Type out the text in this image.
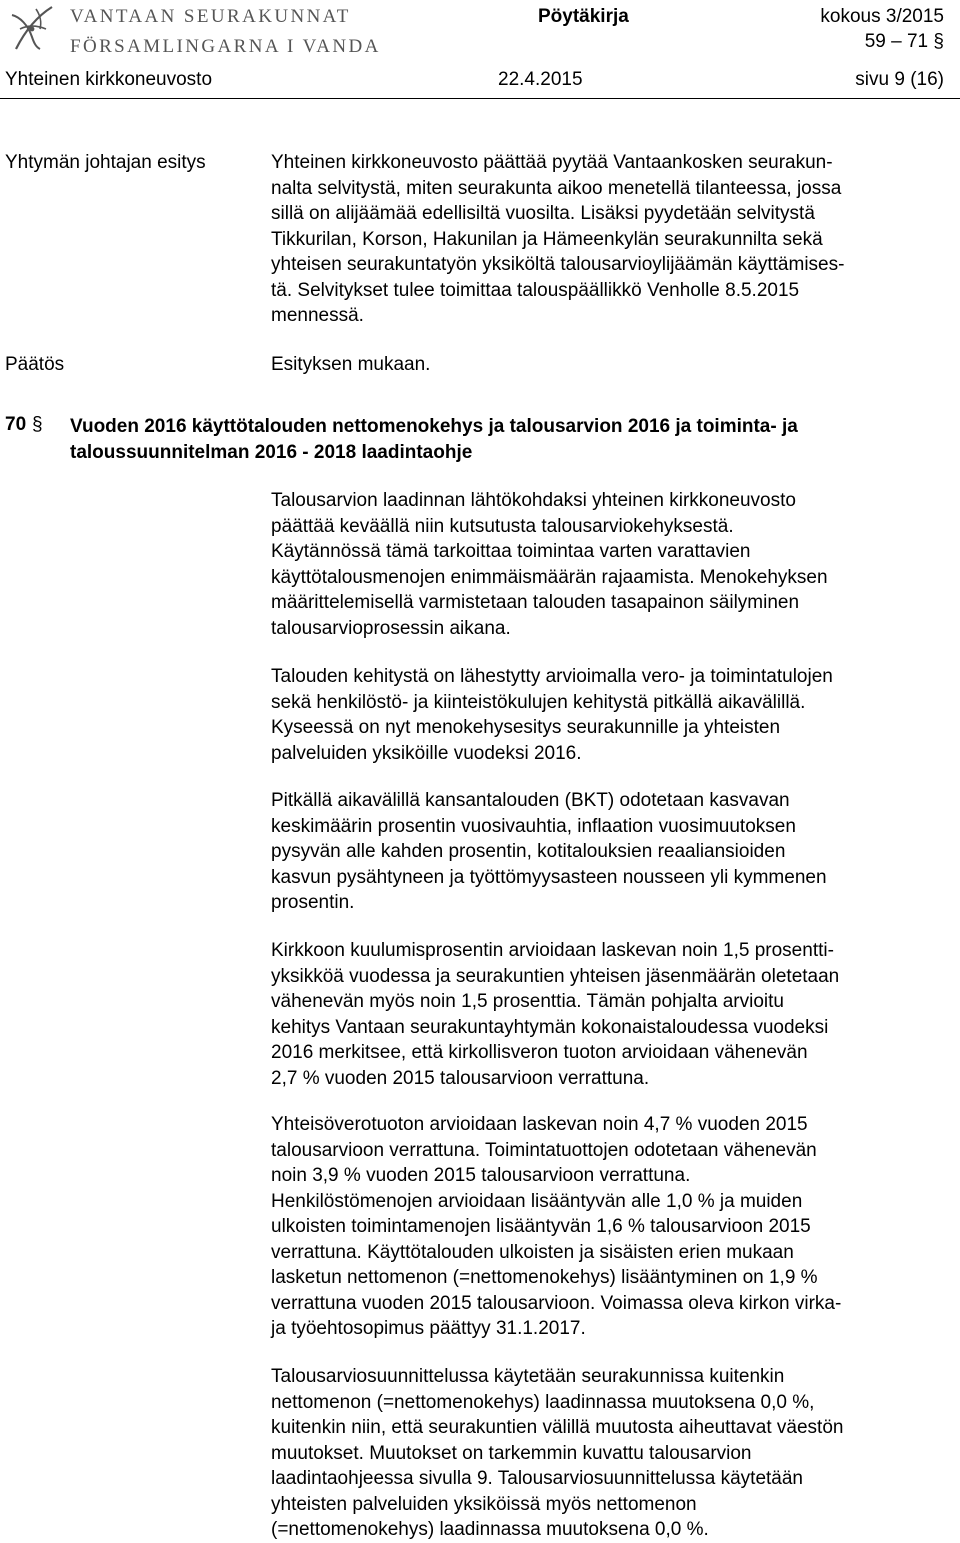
VANTAAN SEURAKUNNAT
FÖRSAMLINGARNA I VANDA
Pöytäkirja	kokous 3/2015
59 – 71 §
Yhteinen kirkkoneuvosto	22.4.2015	sivu 9 (16)
Yhtymän johtajan esitys	Yhteinen kirkkoneuvosto päättää pyytää Vantaankosken seurakun-
nalta selvitystä, miten seurakunta aikoo menetellä tilanteessa, jossa
sillä on alijäämää edellisiltä vuosilta. Lisäksi pyydetään selvitystä
Tikkurilan, Korson, Hakunilan ja Hämeenkylän seurakunnilta sekä
yhteisen seurakuntatyön yksiköltä talousarvioylijäämän käyttämises-
tä. Selvitykset tulee toimittaa talouspäällikkö Venholle 8.5.2015
mennessä.

Päätös	Esityksen mukaan.

70 § Vuoden 2016 käyttötalouden nettomenokehys ja talousarvion 2016 ja toiminta- ja
taloussuunnitelman 2016 - 2018 laadintaohje

Talousarvion laadinnan lähtökohdaksi yhteinen kirkkoneuvosto
päättää keväällä niin kutsutusta talousarviokehyksestä.
Käytännössä tämä tarkoittaa toimintaa varten varattavien
käyttötalousmenojen enimmäismäärän rajaamista. Menokehyksen
määrittelemisellä varmistetaan talouden tasapainon säilyminen
talousarvioprosessin aikana.

Talouden kehitystä on lähestytty arvioimalla vero- ja toimintatulojen
sekä henkilöstö- ja kiinteistökulujen kehitystä pitkällä aikavälillä.
Kyseessä on nyt menokehysesitys seurakunnille ja yhteisten
palveluiden yksiköille vuodeksi 2016.

Pitkällä aikavälillä kansantalouden (BKT) odotetaan kasvavan
keskimäärin prosentin vuosivauhtia, inflaation vuosimuutoksen
pysyvän alle kahden prosentin, kotitalouksien reaaliansioiden
kasvun pysähtyneen ja työttömyysasteen nousseen yli kymmenen
prosentin.

Kirkkoon kuulumisprosentin arvioidaan laskevan noin 1,5 prosentti-
yksikköä vuodessa ja seurakuntien yhteisen jäsenmäärän oletetaan
vähenevän myös noin 1,5 prosenttia. Tämän pohjalta arvioitu
kehitys Vantaan seurakuntayhtymän kokonaistaloudessa vuodeksi
2016 merkitsee, että kirkollisveron tuoton arvioidaan vähenevän
2,7 % vuoden 2015 talousarvioon verrattuna.

Yhteisöverotuoton arvioidaan laskevan noin 4,7 % vuoden 2015
talousarvioon verrattuna. Toimintatuottojen odotetaan vähenevän
noin 3,9 % vuoden 2015 talousarvioon verrattuna.
Henkilöstömenojen arvioidaan lisääntyvän alle 1,0 % ja muiden
ulkoisten toimintamenojen lisääntyvän 1,6 % talousarvioon 2015
verrattuna. Käyttötalouden ulkoisten ja sisäisten erien mukaan
lasketun nettomenon (=nettomenokehys) lisääntyminen on 1,9 %
verrattuna vuoden 2015 talousarvioon. Voimassa oleva kirkon virka-
ja työehtosopimus päättyy 31.1.2017.

Talousarviosuunnittelussa käytetään seurakunnissa kuitenkin
nettomenon (=nettomenokehys) laadinnassa muutoksena 0,0 %,
kuitenkin niin, että seurakuntien välillä muutosta aiheuttavat väestön
muutokset. Muutokset on tarkemmin kuvattu talousarvion
laadintaohjeessa sivulla 9. Talousarviosuunnittelussa käytetään
yhteisten palveluiden yksiköissä myös nettomenon
(=nettomenokehys) laadinnassa muutoksena 0,0 %.
